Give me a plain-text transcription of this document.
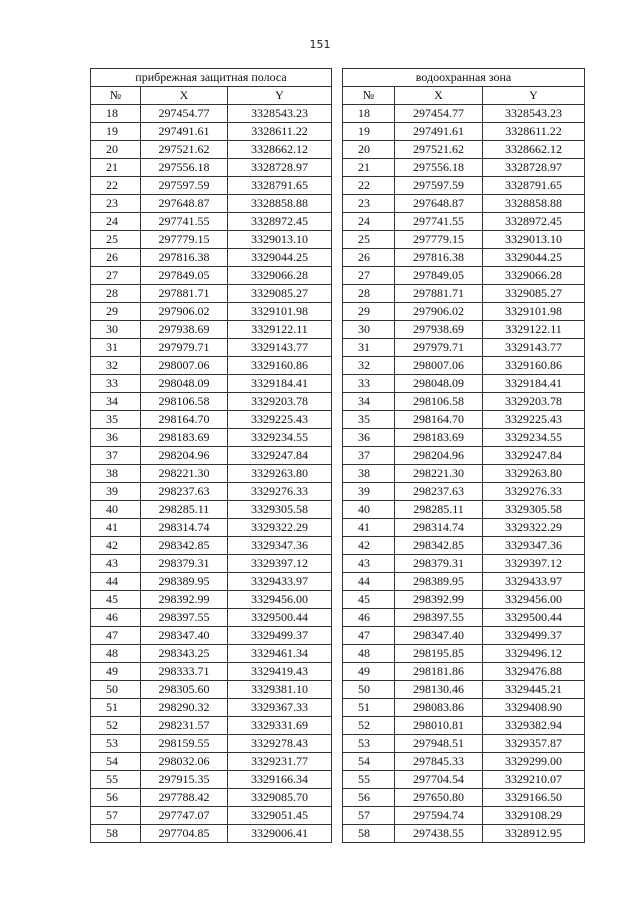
151
прибрежная защитная полоса		
№	X	Y
18	297454.77	3328543.23
19	297491.61	3328611.22
20	297521.62	3328662.12
21	297556.18	3328728.97
22	297597.59	3328791.65
23	297648.87	3328858.88
24	297741.55	3328972.45
25	297779.15	3329013.10
26	297816.38	3329044.25
27	297849.05	3329066.28
28	297881.71	3329085.27
29	297906.02	3329101.98
30	297938.69	3329122.11
31	297979.71	3329143.77
32	298007.06	3329160.86
33	298048.09	3329184.41
34	298106.58	3329203.78
35	298164.70	3329225.43
36	298183.69	3329234.55
37	298204.96	3329247.84
38	298221.30	3329263.80
39	298237.63	3329276.33
40	298285.11	3329305.58
41	298314.74	3329322.29
42	298342.85	3329347.36
43	298379.31	3329397.12
44	298389.95	3329433.97
45	298392.99	3329456.00
46	298397.55	3329500.44
47	298347.40	3329499.37
48	298343.25	3329461.34
49	298333.71	3329419.43
50	298305.60	3329381.10
51	298290.32	3329367.33
52	298231.57	3329331.69
53	298159.55	3329278.43
54	298032.06	3329231.77
55	297915.35	3329166.34
56	297788.42	3329085.70
57	297747.07	3329051.45
58	297704.85	3329006.41
водоохранная зона		
№	X	Y
18	297454.77	3328543.23
19	297491.61	3328611.22
20	297521.62	3328662.12
21	297556.18	3328728.97
22	297597.59	3328791.65
23	297648.87	3328858.88
24	297741.55	3328972.45
25	297779.15	3329013.10
26	297816.38	3329044.25
27	297849.05	3329066.28
28	297881.71	3329085.27
29	297906.02	3329101.98
30	297938.69	3329122.11
31	297979.71	3329143.77
32	298007.06	3329160.86
33	298048.09	3329184.41
34	298106.58	3329203.78
35	298164.70	3329225.43
36	298183.69	3329234.55
37	298204.96	3329247.84
38	298221.30	3329263.80
39	298237.63	3329276.33
40	298285.11	3329305.58
41	298314.74	3329322.29
42	298342.85	3329347.36
43	298379.31	3329397.12
44	298389.95	3329433.97
45	298392.99	3329456.00
46	298397.55	3329500.44
47	298347.40	3329499.37
48	298195.85	3329496.12
49	298181.86	3329476.88
50	298130.46	3329445.21
51	298083.86	3329408.90
52	298010.81	3329382.94
53	297948.51	3329357.87
54	297845.33	3329299.00
55	297704.54	3329210.07
56	297650.80	3329166.50
57	297594.74	3329108.29
58	297438.55	3328912.95
